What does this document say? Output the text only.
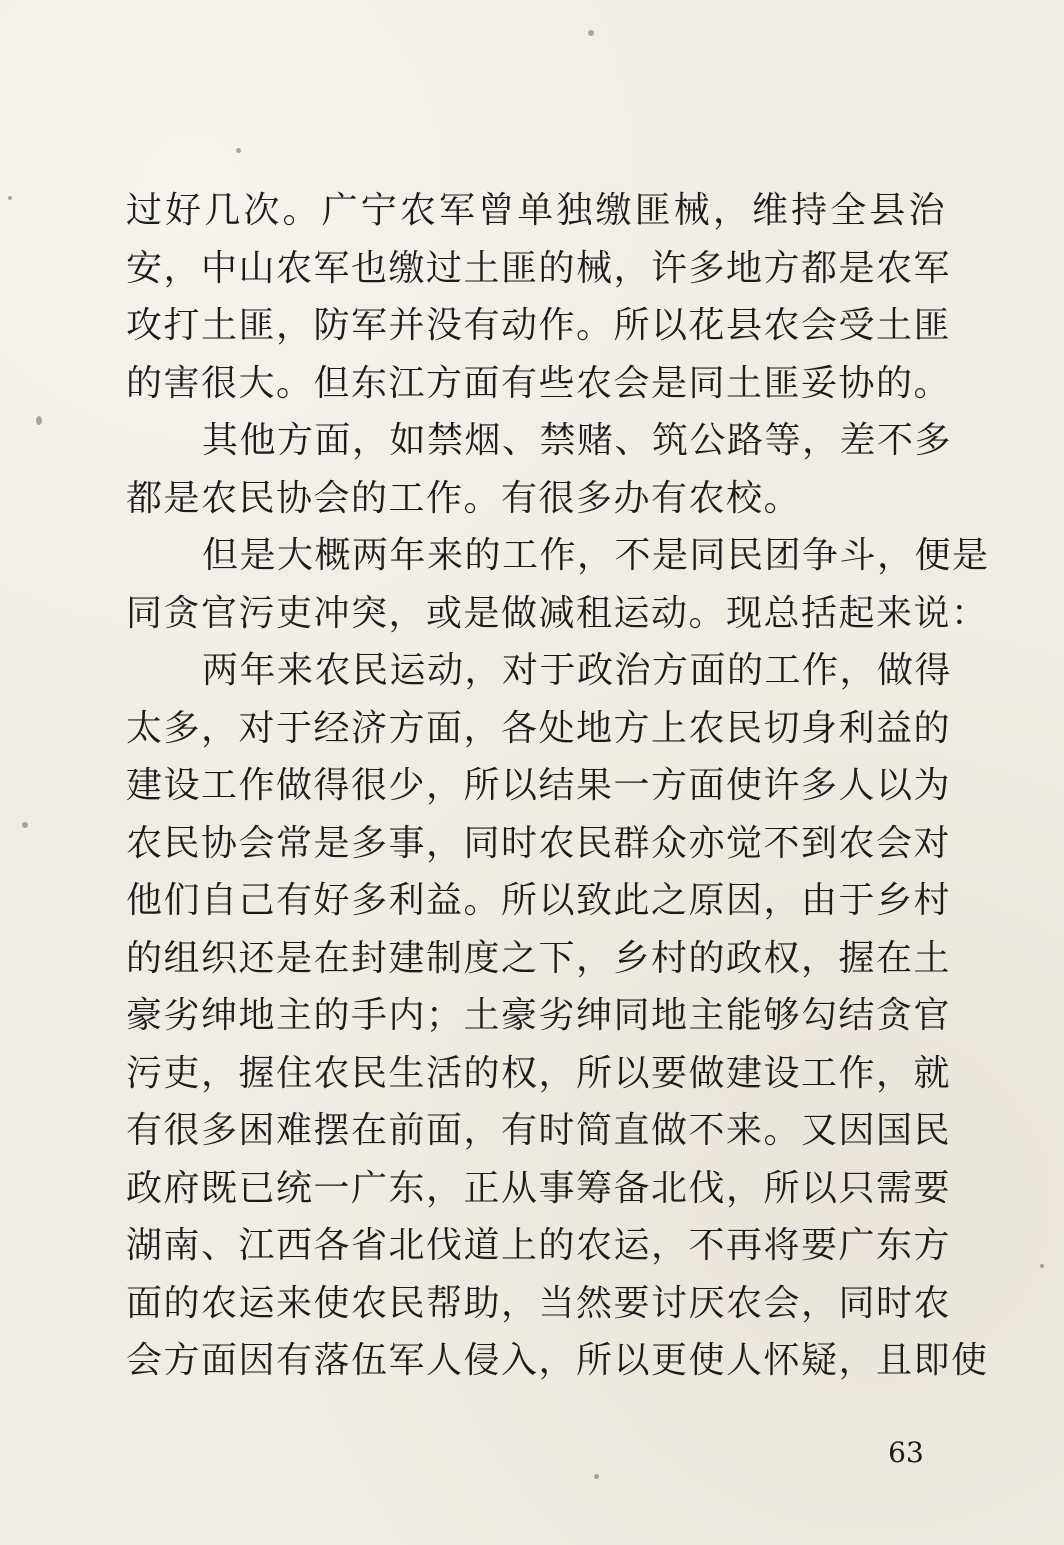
过好几次。广宁农军曾单独缴匪械，维持全县治
安，中山农军也缴过土匪的械，许多地方都是农军
攻打土匪，防军并没有动作。所以花县农会受土匪
的害很大。但东江方面有些农会是同土匪妥协的。
其他方面，如禁烟、禁赌、筑公路等，差不多
都是农民协会的工作。有很多办有农校。
但是大概两年来的工作，不是同民团争斗，便是
同贪官污吏冲突，或是做减租运动。现总括起来说：
两年来农民运动，对于政治方面的工作，做得
太多，对于经济方面，各处地方上农民切身利益的
建设工作做得很少，所以结果一方面使许多人以为
农民协会常是多事，同时农民群众亦觉不到农会对
他们自己有好多利益。所以致此之原因，由于乡村
的组织还是在封建制度之下，乡村的政权，握在土
豪劣绅地主的手内；土豪劣绅同地主能够勾结贪官
污吏，握住农民生活的权，所以要做建设工作，就
有很多困难摆在前面，有时简直做不来。又因国民
政府既已统一广东，正从事筹备北伐，所以只需要
湖南、江西各省北伐道上的农运，不再将要广东方
面的农运来使农民帮助，当然要讨厌农会，同时农
会方面因有落伍军人侵入，所以更使人怀疑，且即使
63
